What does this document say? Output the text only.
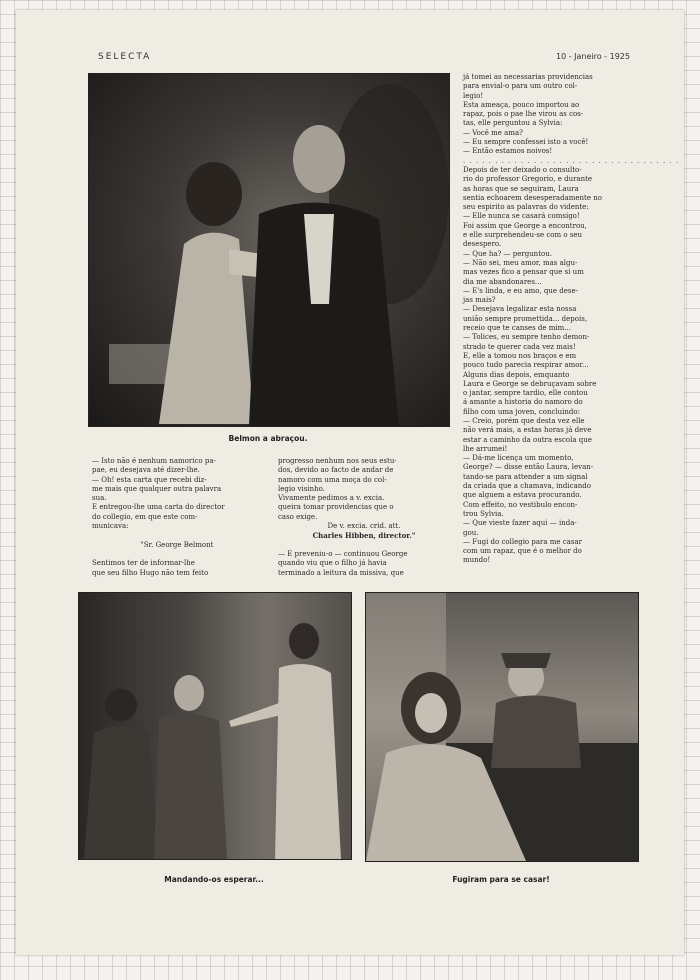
SELECTA	10 - Janeiro - 1925
Belmon a abraçou.

já tomei as necessarias providencias

para envial-o para um outro col-

legio!

Esta ameaça, pouco importou ao

rapaz, pois o pae lhe virou as cos-

tas, elle perguntou a Sylvia:

— Você me ama?

— Eu sempre confessei isto a você!

— Então estamos noivos!

. . . . . . . . . . . . . . . . . . . . . . . . . . . . . . . . . .

Depois de ter deixado o consulto-

rio do professor Gregorio, e durante

as horas que se seguiram, Laura

sentia echoarem desesperadamente no

seu espirito as palavras do vidente:

— Elle nunca se casará comsigo!

Foi assim que George a encontrou,

e elle surprehendeu-se com o seu

desespero.

— Que ha? — perguntou.

— Não sei, meu amor, mas algu-

mas vezes fico a pensar que si um

dia me abandonares...

— E's linda, e eu amo, que dese-

jas mais?

— Desejava legalizar esta nossa

união sempre promettida... depois,

receio que te canses de mim...

— Tolices, eu sempre tenho demon-

strado te querer cada vez mais!

E, elle a tomou nos braços e em

pouco tudo parecia respirar amor...

Alguns dias depois, emquanto

Laura e George se debruçavam sobre

o jantar, sempre tardio, elle contou

á amante a historia do namoro do

filho com uma joven, concluindo:

— Creio, porém que desta vez elle

não verá mais, a estas horas já deve

estar a caminho da outra escola que

lhe arrumei!

— Dá-me licença um momento,

George? — disse então Laura, levan-

tando-se para attender a um signal

da criada que a chamava, indicando

que alguem a estava procurando.

Com effeito, no vestibulo encon-

trou Sylvia.

— Que vieste fazer aqui — inda-

gou.

— Fugi do collegio para me casar

com um rapaz, que é o melhor do

mundo!

— Isto não é nenhum namorico pa-

pae, eu desejava até dizer-lhe.

— Oh! esta carta que recebi diz-

me mais que qualquer outra palavra

sua.

E entregou-lhe uma carta do director

do collegio, em que este com-

municava:

"Sr. George Belmont

Sentimos ter de informar-lhe

que seu filho Hugo não tem feito

progresso nenhum nos seus estu-

dos, devido ao facto de andar de

namoro com uma moça do col-

legio visinho.

Vivamente pedimos a v. excia.

queira tomar providencias que o

caso exige.

De v. excia. crid. att.

Charles Hibben, director."

— E preveniu-o — continuou George

quando viu que o filho já havia

terminado a leitura da missiva, que

Mandando-os esperar...	Fugiram para se casar!
